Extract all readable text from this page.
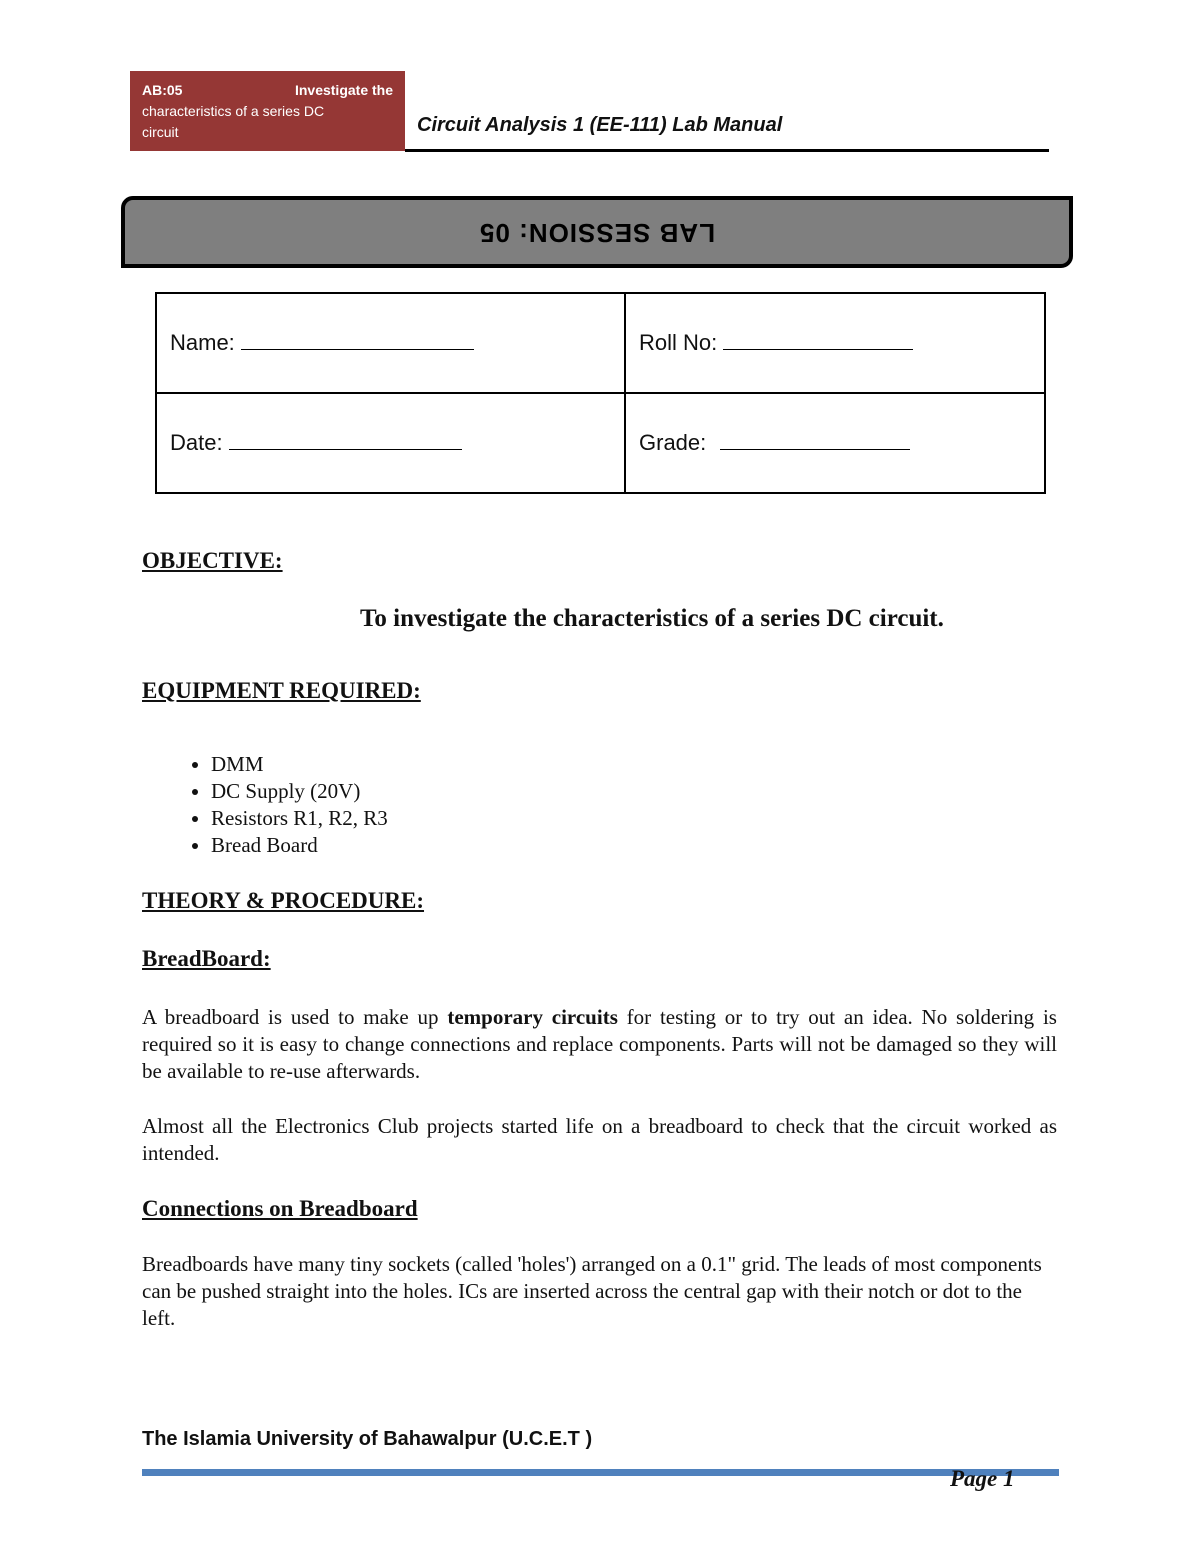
AB:05	Investigate the
characteristics of a series DC
circuit	Circuit Analysis 1 (EE-111) Lab Manual
LAB SESSION: 05
Name:	Roll No:
Date:	Grade:
OBJECTIVE:
To investigate the characteristics of a series DC circuit.
EQUIPMENT REQUIRED:
• DMM
• DC Supply (20V)
• Resistors R1, R2, R3
• Bread Board
THEORY & PROCEDURE:
BreadBoard:
A breadboard is used to make up temporary circuits for testing or to try out an idea. No soldering is required so it is easy to change connections and replace components. Parts will not be damaged so they will be available to re-use afterwards.
Almost all the Electronics Club projects started life on a breadboard to check that the circuit worked as intended.
Connections on Breadboard
Breadboards have many tiny sockets (called 'holes') arranged on a 0.1" grid. The leads of most components can be pushed straight into the holes. ICs are inserted across the central gap with their notch or dot to the left.
The Islamia University of Bahawalpur (U.C.E.T )
Page 1
